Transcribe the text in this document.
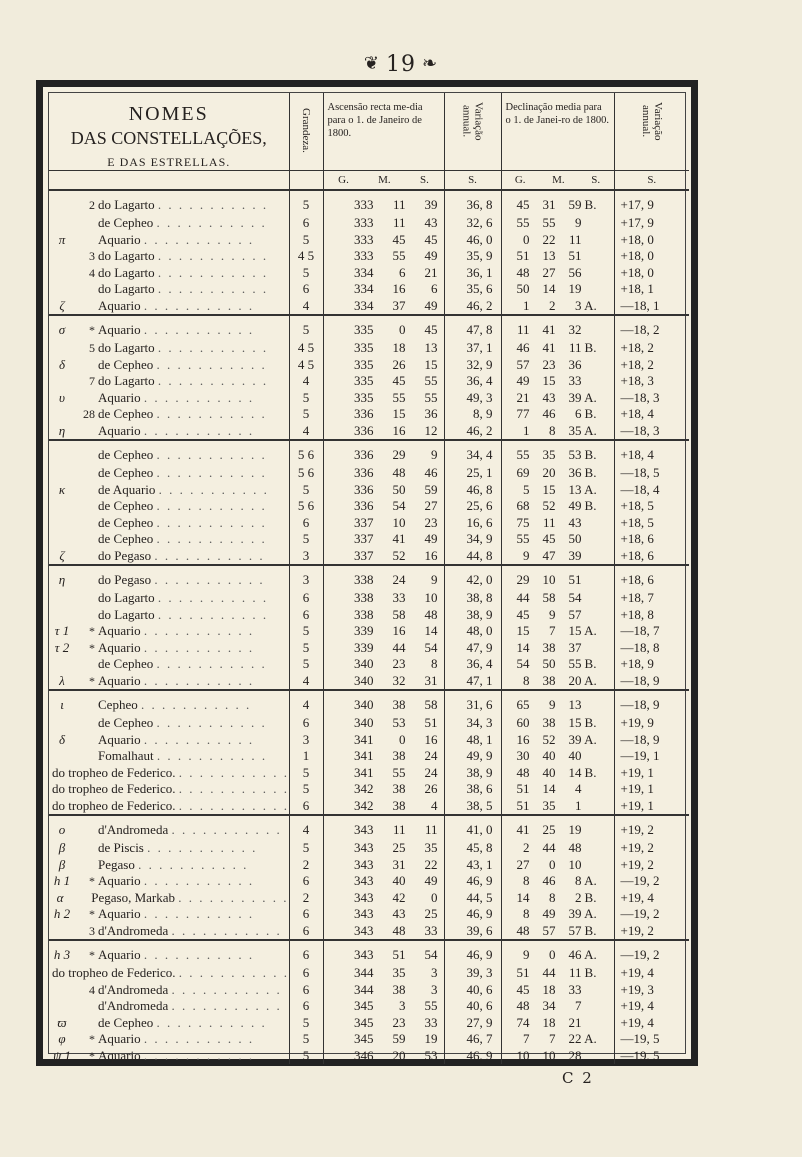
❦ 19 ❧
NOMES
DAS CONSTELLAÇÕES,
E DAS ESTRELLAS.	Grandeza.	Ascensão recta me-dia para o 1. de Janeiro de 1800.	Variação annual.	Declinação media para o 1. de Janei-ro de 1800.	Variação annual.

		G. M. S.	S.	G. M. S.	S.

2 do Lagarto . . . . . . . . . . .	5	333 11 39	36, 8	45 31 59 B.	+17, 9

de Cepheo . . . . . . . . . . .	6	333 11 43	32, 6	55 55 9	+17, 9

π Aquario . . . . . . . . . . .	5	333 45 45	46, 0	0 22 11	+18, 0

3 do Lagarto . . . . . . . . . . .	4 5	333 55 49	35, 9	51 13 51	+18, 0

4 do Lagarto . . . . . . . . . . .	5	334 6 21	36, 1	48 27 56	+18, 0

do Lagarto . . . . . . . . . . .	6	334 16 6	35, 6	50 14 19	+18, 1

ζ Aquario . . . . . . . . . . .	4	334 37 49	46, 2	1 2 3 A.	—18, 1

σ * Aquario . . . . . . . . . . .	5	335 0 45	47, 8	11 41 32	—18, 2

5 do Lagarto . . . . . . . . . . .	4 5	335 18 13	37, 1	46 41 11 B.	+18, 2

δ de Cepheo . . . . . . . . . . .	4 5	335 26 15	32, 9	57 23 36	+18, 2

7 do Lagarto . . . . . . . . . . .	4	335 45 55	36, 4	49 15 33	+18, 3

υ Aquario . . . . . . . . . . .	5	335 55 55	49, 3	21 43 39 A.	—18, 3

28 de Cepheo . . . . . . . . . . .	5	336 15 36	8, 9	77 46 6 B.	+18, 4

η Aquario . . . . . . . . . . .	4	336 16 12	46, 2	1 8 35 A.	—18, 3

de Cepheo . . . . . . . . . . .	5 6	336 29 9	34, 4	55 35 53 B.	+18, 4

de Cepheo . . . . . . . . . . .	5 6	336 48 46	25, 1	69 20 36 B.	—18, 5

κ de Aquario . . . . . . . . . . .	5	336 50 59	46, 8	5 15 13 A.	—18, 4

de Cepheo . . . . . . . . . . .	5 6	336 54 27	25, 6	68 52 49 B.	+18, 5

de Cepheo . . . . . . . . . . .	6	337 10 23	16, 6	75 11 43	+18, 5

de Cepheo . . . . . . . . . . .	5	337 41 49	34, 9	55 45 50	+18, 6

ζ do Pegaso . . . . . . . . . . .	3	337 52 16	44, 8	9 47 39	+18, 6

η do Pegaso . . . . . . . . . . .	3	338 24 9	42, 0	29 10 51	+18, 6

do Lagarto . . . . . . . . . . .	6	338 33 10	38, 8	44 58 54	+18, 7

do Lagarto . . . . . . . . . . .	6	338 58 48	38, 9	45 9 57	+18, 8

τ 1 * Aquario . . . . . . . . . . .	5	339 16 14	48, 0	15 7 15 A.	—18, 7

τ 2 * Aquario . . . . . . . . . . .	5	339 44 54	47, 9	14 38 37	—18, 8

de Cepheo . . . . . . . . . . .	5	340 23 8	36, 4	54 50 55 B.	+18, 9

λ * Aquario . . . . . . . . . . .	4	340 32 31	47, 1	8 38 20 A.	—18, 9

ι Cepheo . . . . . . . . . . .	4	340 38 58	31, 6	65 9 13	—18, 9

de Cepheo . . . . . . . . . . .	6	340 53 51	34, 3	60 38 15 B.	+19, 9

δ Aquario . . . . . . . . . . .	3	341 0 16	48, 1	16 52 39 A.	—18, 9

Fomalhaut . . . . . . . . . . .	1	341 38 24	49, 9	30 40 40	—19, 1

do tropheo de Federico. . . . . . . . . . . .	5	341 55 24	38, 9	48 40 14 B.	+19, 1

do tropheo de Federico. . . . . . . . . . . .	5	342 38 26	38, 6	51 14 4	+19, 1

do tropheo de Federico. . . . . . . . . . . .	6	342 38 4	38, 5	51 35 1	+19, 1

ο d'Andromeda . . . . . . . . . . .	4	343 11 11	41, 0	41 25 19	+19, 2

β de Piscis . . . . . . . . . . .	5	343 25 35	45, 8	2 44 48	+19, 2

β Pegaso . . . . . . . . . . .	2	343 31 22	43, 1	27 0 10	+19, 2

h 1 * Aquario . . . . . . . . . . .	6	343 40 49	46, 9	8 46 8 A.	—19, 2

α Pegaso, Markab . . . . . . . . . . .	2	343 42 0	44, 5	14 8 2 B.	+19, 4

h 2 * Aquario . . . . . . . . . . .	6	343 43 25	46, 9	8 49 39 A.	—19, 2

3 d'Andromeda . . . . . . . . . . .	6	343 48 33	39, 6	48 57 57 B.	+19, 2

h 3 * Aquario . . . . . . . . . . .	6	343 51 54	46, 9	9 0 46 A.	—19, 2

do tropheo de Federico. . . . . . . . . . . .	6	344 35 3	39, 3	51 44 11 B.	+19, 4

4 d'Andromeda . . . . . . . . . . .	6	344 38 3	40, 6	45 18 33	+19, 3

d'Andromeda . . . . . . . . . . .	6	345 3 55	40, 6	48 34 7	+19, 4

ϖ de Cepheo . . . . . . . . . . .	5	345 23 33	27, 9	74 18 21	+19, 4

φ * Aquario . . . . . . . . . . .	5	345 59 19	46, 7	7 7 22 A.	—19, 5

ψ 1 * Aquario . . . . . . . . . . .	5	346 20 53	46, 9	10 10 28	—19, 5
C 2
